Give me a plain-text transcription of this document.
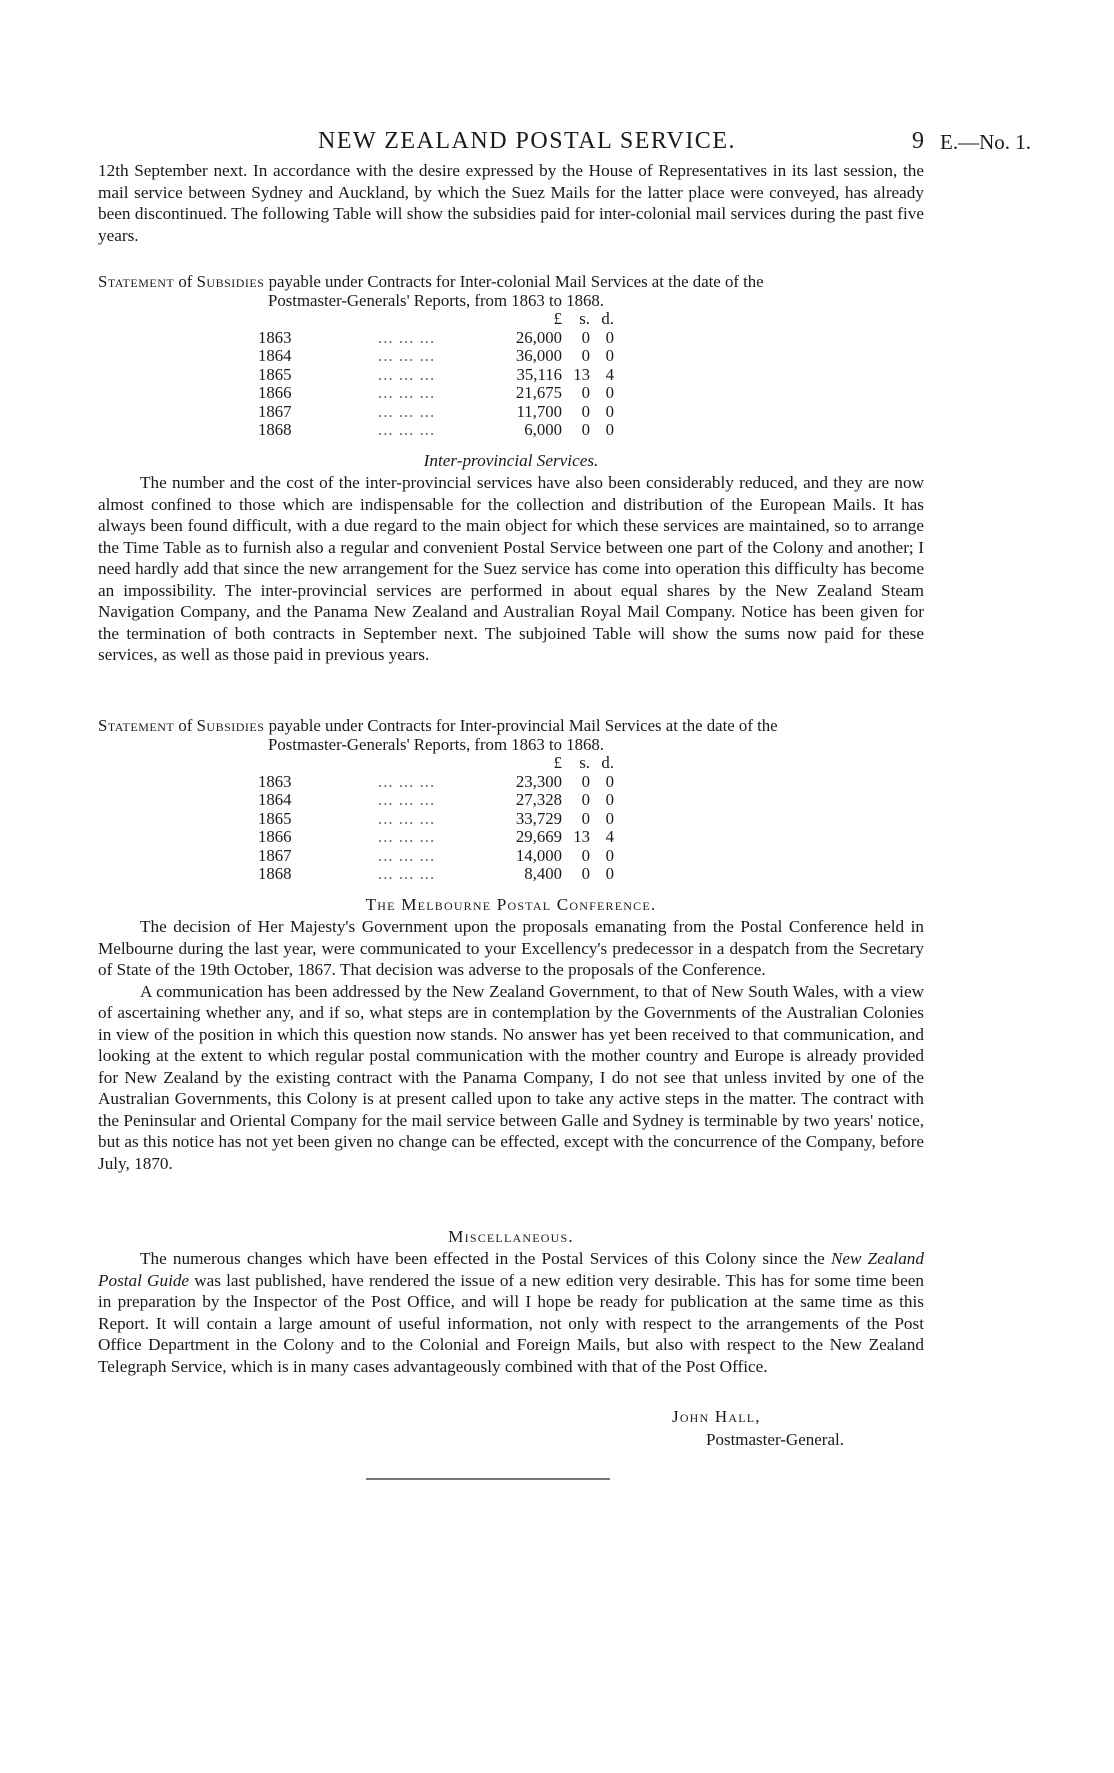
NEW ZEALAND POSTAL SERVICE.	9 E.—No. 1.

12th September next. In accordance with the desire expressed by the House of Representatives in its last session, the mail service between Sydney and Auckland, by which the Suez Mails for the latter place were conveyed, has already been discontinued. The following Table will show the subsidies paid for inter-colonial mail services during the past five years.

Statement of Subsidies payable under Contracts for Inter-colonial Mail Services at the date of the
Postmaster-Generals' Reports, from 1863 to 1868.
		£	s.	d.
1863	... ... ...	26,000	0	0
1864	... ... ...	36,000	0	0
1865	... ... ...	35,116	13	4
1866	... ... ...	21,675	0	0
1867	... ... ...	11,700	0	0
1868	... ... ...	6,000	0	0
Inter-provincial Services.

The number and the cost of the inter-provincial services have also been considerably reduced, and they are now almost confined to those which are indispensable for the collection and distribution of the European Mails. It has always been found difficult, with a due regard to the main object for which these services are maintained, so to arrange the Time Table as to furnish also a regular and convenient Postal Service between one part of the Colony and another; I need hardly add that since the new arrangement for the Suez service has come into operation this difficulty has become an impossibility. The inter-provincial services are performed in about equal shares by the New Zealand Steam Navigation Company, and the Panama New Zealand and Australian Royal Mail Company. Notice has been given for the termination of both contracts in September next. The subjoined Table will show the sums now paid for these services, as well as those paid in previous years.

Statement of Subsidies payable under Contracts for Inter-provincial Mail Services at the date of the
Postmaster-Generals' Reports, from 1863 to 1868.
		£	s.	d.
1863	... ... ...	23,300	0	0
1864	... ... ...	27,328	0	0
1865	... ... ...	33,729	0	0
1866	... ... ...	29,669	13	4
1867	... ... ...	14,000	0	0
1868	... ... ...	8,400	0	0
The Melbourne Postal Conference.

The decision of Her Majesty's Government upon the proposals emanating from the Postal Conference held in Melbourne during the last year, were communicated to your Excellency's predecessor in a despatch from the Secretary of State of the 19th October, 1867. That decision was adverse to the proposals of the Conference.

A communication has been addressed by the New Zealand Government, to that of New South Wales, with a view of ascertaining whether any, and if so, what steps are in contemplation by the Governments of the Australian Colonies in view of the position in which this question now stands. No answer has yet been received to that communication, and looking at the extent to which regular postal communication with the mother country and Europe is already provided for New Zealand by the existing contract with the Panama Company, I do not see that unless invited by one of the Australian Governments, this Colony is at present called upon to take any active steps in the matter. The contract with the Peninsular and Oriental Company for the mail service between Galle and Sydney is terminable by two years' notice, but as this notice has not yet been given no change can be effected, except with the concurrence of the Company, before July, 1870.

Miscellaneous.

The numerous changes which have been effected in the Postal Services of this Colony since the New Zealand Postal Guide was last published, have rendered the issue of a new edition very desirable. This has for some time been in preparation by the Inspector of the Post Office, and will I hope be ready for publication at the same time as this Report. It will contain a large amount of useful information, not only with respect to the arrangements of the Post Office Department in the Colony and to the Colonial and Foreign Mails, but also with respect to the New Zealand Telegraph Service, which is in many cases advantageously combined with that of the Post Office.

John Hall,
Postmaster-General.
